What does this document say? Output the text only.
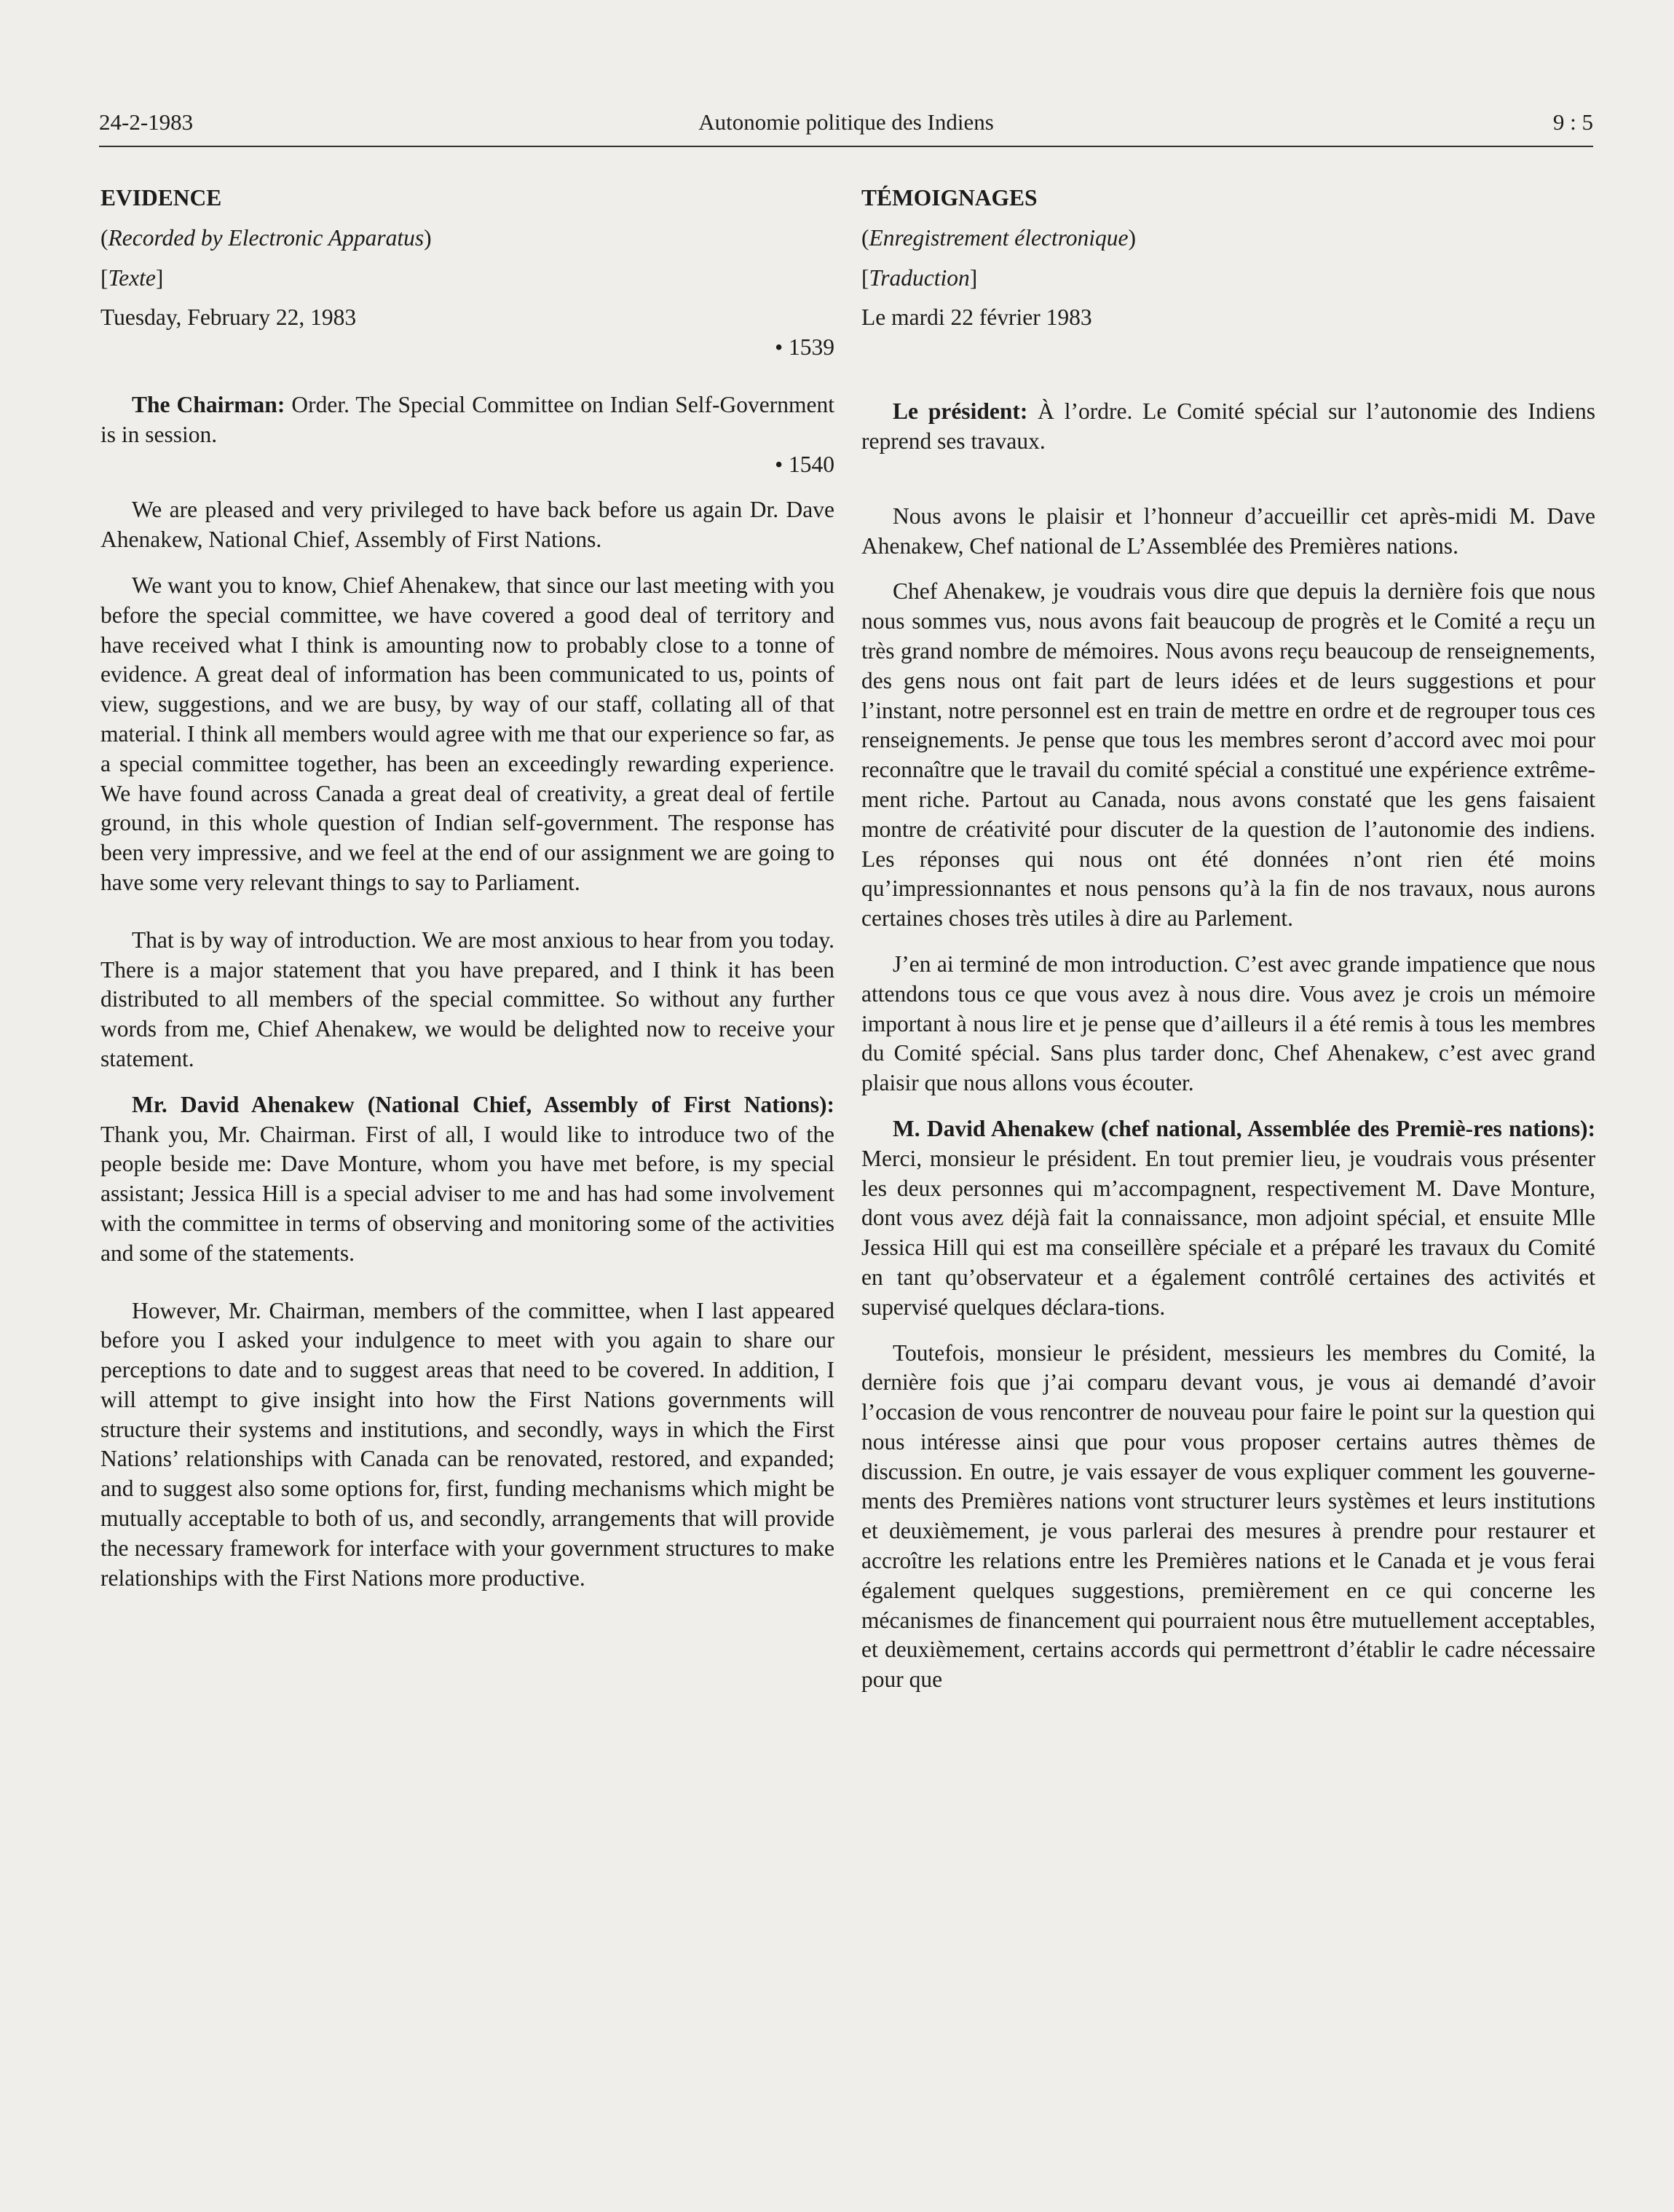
24-2-1983	Autonomie politique des Indiens	9 : 5

EVIDENCE

(Recorded by Electronic Apparatus)

[Texte]

Tuesday, February 22, 1983

• 1539

The Chairman: Order. The Special Committee on Indian Self-Government is in session.

• 1540

We are pleased and very privileged to have back before us again Dr. Dave Ahenakew, National Chief, Assembly of First Nations.

We want you to know, Chief Ahenakew, that since our last meeting with you before the special committee, we have covered a good deal of territory and have received what I think is amounting now to probably close to a tonne of evidence. A great deal of information has been communicated to us, points of view, suggestions, and we are busy, by way of our staff, collating all of that material. I think all members would agree with me that our experience so far, as a special committee together, has been an exceedingly rewarding experience. We have found across Canada a great deal of creativity, a great deal of fertile ground, in this whole question of Indian self-government. The response has been very impressive, and we feel at the end of our assignment we are going to have some very relevant things to say to Parliament.

That is by way of introduction. We are most anxious to hear from you today. There is a major statement that you have prepared, and I think it has been distributed to all members of the special committee. So without any further words from me, Chief Ahenakew, we would be delighted now to receive your statement.

Mr. David Ahenakew (National Chief, Assembly of First Nations): Thank you, Mr. Chairman. First of all, I would like to introduce two of the people beside me: Dave Monture, whom you have met before, is my special assistant; Jessica Hill is a special adviser to me and has had some involvement with the committee in terms of observing and monitoring some of the activities and some of the statements.

However, Mr. Chairman, members of the committee, when I last appeared before you I asked your indulgence to meet with you again to share our perceptions to date and to suggest areas that need to be covered. In addition, I will attempt to give insight into how the First Nations governments will structure their systems and institutions, and secondly, ways in which the First Nations’ relationships with Canada can be renovated, restored, and expanded; and to suggest also some options for, first, funding mechanisms which might be mutually acceptable to both of us, and secondly, arrangements that will provide the necessary framework for interface with your government structures to make relationships with the First Nations more productive.

TÉMOIGNAGES

(Enregistrement électronique)

[Traduction]

Le mardi 22 février 1983

Le président: À l’ordre. Le Comité spécial sur l’autonomie des Indiens reprend ses travaux.

Nous avons le plaisir et l’honneur d’accueillir cet après-midi M. Dave Ahenakew, Chef national de L’Assemblée des Premières nations.

Chef Ahenakew, je voudrais vous dire que depuis la dernière fois que nous nous sommes vus, nous avons fait beaucoup de progrès et le Comité a reçu un très grand nombre de mémoires. Nous avons reçu beaucoup de renseignements, des gens nous ont fait part de leurs idées et de leurs suggestions et pour l’instant, notre personnel est en train de mettre en ordre et de regrouper tous ces renseignements. Je pense que tous les membres seront d’accord avec moi pour reconnaître que le travail du comité spécial a constitué une expérience extrême-ment riche. Partout au Canada, nous avons constaté que les gens faisaient montre de créativité pour discuter de la question de l’autonomie des indiens. Les réponses qui nous ont été données n’ont rien été moins qu’impressionnantes et nous pensons qu’à la fin de nos travaux, nous aurons certaines choses très utiles à dire au Parlement.

J’en ai terminé de mon introduction. C’est avec grande impatience que nous attendons tous ce que vous avez à nous dire. Vous avez je crois un mémoire important à nous lire et je pense que d’ailleurs il a été remis à tous les membres du Comité spécial. Sans plus tarder donc, Chef Ahenakew, c’est avec grand plaisir que nous allons vous écouter.

M. David Ahenakew (chef national, Assemblée des Premiè-res nations): Merci, monsieur le président. En tout premier lieu, je voudrais vous présenter les deux personnes qui m’accompagnent, respectivement M. Dave Monture, dont vous avez déjà fait la connaissance, mon adjoint spécial, et ensuite Mlle Jessica Hill qui est ma conseillère spéciale et a préparé les travaux du Comité en tant qu’observateur et a également contrôlé certaines des activités et supervisé quelques déclara-tions.

Toutefois, monsieur le président, messieurs les membres du Comité, la dernière fois que j’ai comparu devant vous, je vous ai demandé d’avoir l’occasion de vous rencontrer de nouveau pour faire le point sur la question qui nous intéresse ainsi que pour vous proposer certains autres thèmes de discussion. En outre, je vais essayer de vous expliquer comment les gouverne-ments des Premières nations vont structurer leurs systèmes et leurs institutions et deuxièmement, je vous parlerai des mesures à prendre pour restaurer et accroître les relations entre les Premières nations et le Canada et je vous ferai également quelques suggestions, premièrement en ce qui concerne les mécanismes de financement qui pourraient nous être mutuellement acceptables, et deuxièmement, certains accords qui permettront d’établir le cadre nécessaire pour que
